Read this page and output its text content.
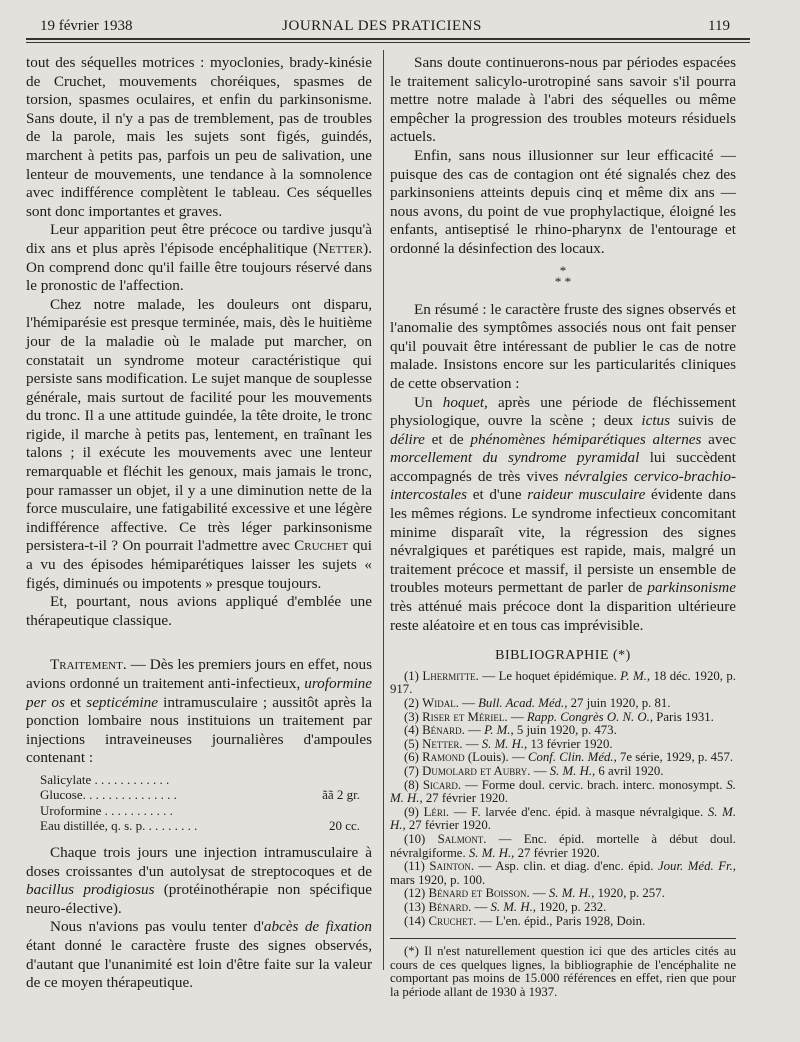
19 février 1938	JOURNAL DES PRATICIENS	119

tout des séquelles motrices : myoclonies, brady-kinésie de Cruchet, mouvements choréiques, spasmes de torsion, spasmes oculaires, et enfin du parkinsonisme. Sans doute, il n'y a pas de tremblement, pas de troubles de la parole, mais les sujets sont figés, guindés, marchent à petits pas, parfois un peu de salivation, une lenteur de mouvements, une tendance à la somnolence avec indifférence complètent le tableau. Ces séquelles sont donc importantes et graves.

Leur apparition peut être précoce ou tardive jusqu'à dix ans et plus après l'épisode encéphalitique (Netter). On comprend donc qu'il faille être toujours réservé dans le pronostic de l'affection.

Chez notre malade, les douleurs ont disparu, l'hémiparésie est presque terminée, mais, dès le huitième jour de la maladie où le malade put marcher, on constatait un syndrome moteur caractéristique qui persiste sans modification. Le sujet manque de souplesse générale, mais surtout de facilité pour les mouvements du tronc. Il a une attitude guindée, la tête droite, le tronc rigide, il marche à petits pas, lentement, en traînant les talons ; il exécute les mouvements avec une lenteur remarquable et fléchit les genoux, mais jamais le tronc, pour ramasser un objet, il y a une diminution nette de la force musculaire, une fatigabilité excessive et une légère indifférence affective. Ce très léger parkinsonisme persistera-t-il ? On pourrait l'admettre avec Cruchet qui a vu des épisodes hémiparétiques laisser les sujets « figés, diminués ou impotents » presque toujours.

Et, pourtant, nous avions appliqué d'emblée une thérapeutique classique.

Traitement. — Dès les premiers jours en effet, nous avions ordonné un traitement anti-infectieux, uroformine per os et septicémine intramusculaire ; aussitôt après la ponction lombaire nous instituions un traitement par injections intraveineuses journalières d'ampoules contenant :

Salicylate . . . . . . . . . . . .
Glucose. . . . . . . . . . . . . . .	ãã 2 gr.
Uroformine . . . . . . . . . . .
Eau distillée, q. s. p. . . . . . . . .	20 cc.

Chaque trois jours une injection intramusculaire à doses croissantes d'un autolysat de streptocoques et de bacillus prodigiosus (protéinothérapie non spécifique neuro-élective).

Nous n'avions pas voulu tenter d'abcès de fixation étant donné le caractère fruste des signes observés, d'autant que l'unanimité est loin d'être faite sur la valeur de ce moyen thérapeutique.

Sans doute continuerons-nous par périodes espacées le traitement salicylo-urotropiné sans savoir s'il pourra mettre notre malade à l'abri des séquelles ou même empêcher la progression des troubles moteurs résiduels actuels.

Enfin, sans nous illusionner sur leur efficacité — puisque des cas de contagion ont été signalés chez des parkinsoniens atteints depuis cinq et même dix ans — nous avons, du point de vue prophylactique, éloigné les enfants, antiseptisé le rhino-pharynx de l'entourage et ordonné la désinfection des locaux.

*
* *

En résumé : le caractère fruste des signes observés et l'anomalie des symptômes associés nous ont fait penser qu'il pouvait être intéressant de publier le cas de notre malade. Insistons encore sur les particularités cliniques de cette observation :

Un hoquet, après une période de fléchissement physiologique, ouvre la scène ; deux ictus suivis de délire et de phénomènes hémiparétiques alternes avec morcellement du syndrome pyramidal lui succèdent accompagnés de très vives névralgies cervico-brachio-intercostales et d'une raideur musculaire évidente dans les mêmes régions. Le syndrome infectieux concomitant minime disparaît vite, la régression des signes névralgiques et parétiques est rapide, mais, malgré un traitement précoce et massif, il persiste un ensemble de troubles moteurs permettant de parler de parkinsonisme très atténué mais précoce dont la disparition ultérieure reste aléatoire et en tous cas imprévisible.

BIBLIOGRAPHIE (*)
(1) Lhermitte. — Le hoquet épidémique. P. M., 18 déc. 1920, p. 917.
(2) Widal. — Bull. Acad. Méd., 27 juin 1920, p. 81.
(3) Riser et Mériel. — Rapp. Congrès O. N. O., Paris 1931.
(4) Bénard. — P. M., 5 juin 1920, p. 473.
(5) Netter. — S. M. H., 13 février 1920.
(6) Ramond (Louis). — Conf. Clin. Méd., 7e série, 1929, p. 457.
(7) Dumolard et Aubry. — S. M. H., 6 avril 1920.
(8) Sicard. — Forme doul. cervic. brach. interc. monosympt. S. M. H., 27 février 1920.
(9) Léri. — F. larvée d'enc. épid. à masque névralgique. S. M. H., 27 février 1920.
(10) Salmont. — Enc. épid. mortelle à début doul. névralgiforme. S. M. H., 27 février 1920.
(11) Sainton. — Asp. clin. et diag. d'enc. épid. Jour. Méd. Fr., mars 1920, p. 100.
(12) Bénard et Boisson. — S. M. H., 1920, p. 257.
(13) Bénard. — S. M. H., 1920, p. 232.
(14) Cruchet. — L'en. épid., Paris 1928, Doin.
(*) Il n'est naturellement question ici que des articles cités au cours de ces quelques lignes, la bibliographie de l'encéphalite ne comportant pas moins de 15.000 références en effet, rien que pour la période allant de 1930 à 1937.
